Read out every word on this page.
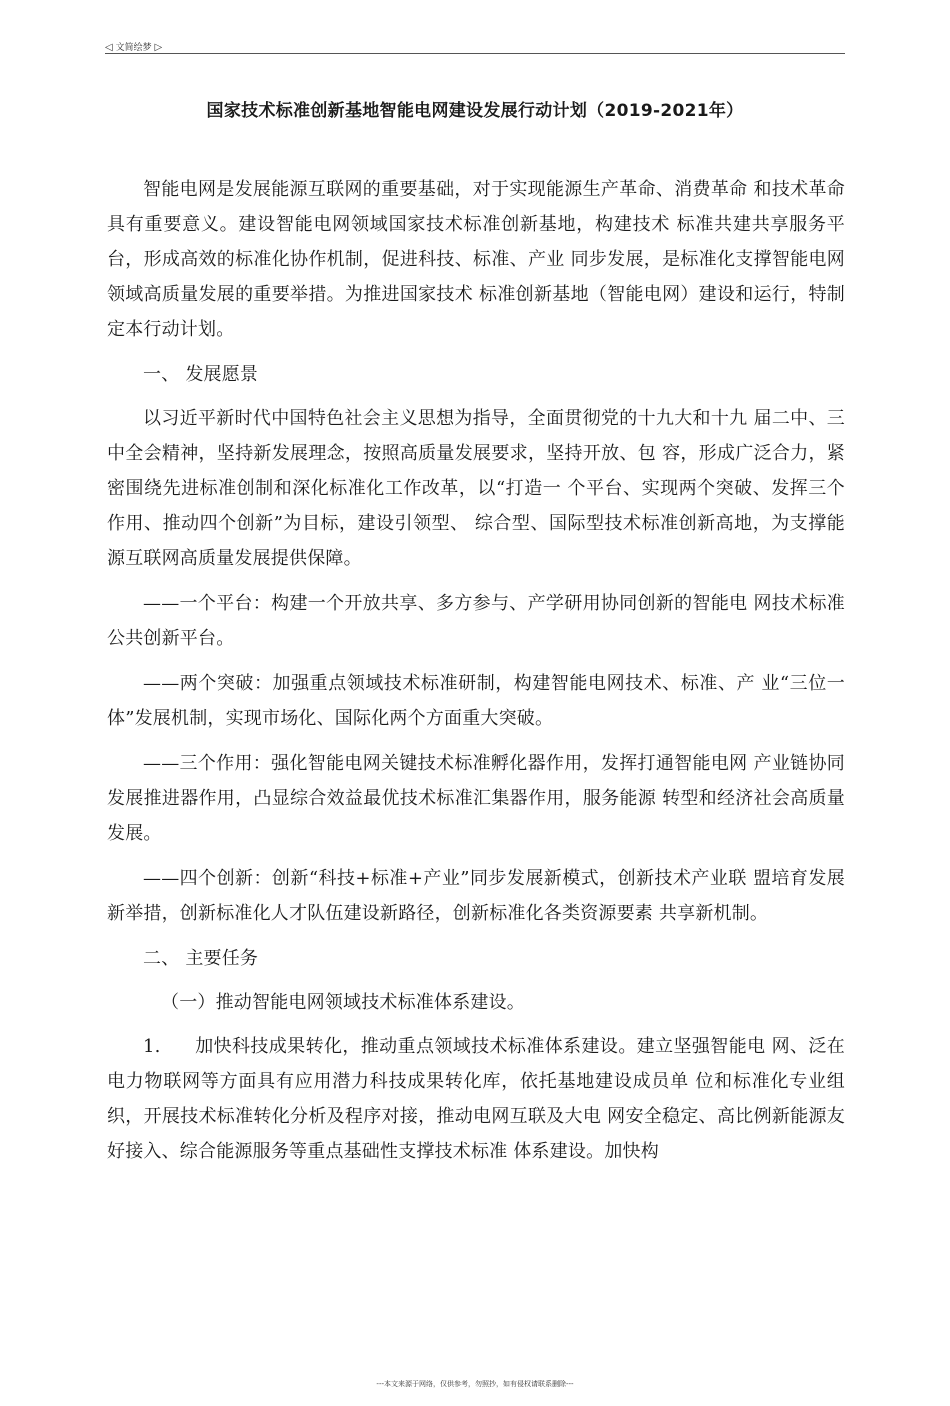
◁ 文简绘梦 ▷
国家技术标准创新基地智能电网建设发展行动计划（2019-2021年）

智能电网是发展能源互联网的重要基础，对于实现能源生产革命、消费革命 和技术革命具有重要意义。建设智能电网领域国家技术标准创新基地，构建技术 标准共建共享服务平台，形成高效的标准化协作机制，促进科技、标准、产业 同步发展，是标准化支撑智能电网领域高质量发展的重要举措。为推进国家技术 标准创新基地（智能电网）建设和运行，特制定本行动计划。

一、 发展愿景

以习近平新时代中国特色社会主义思想为指导，全面贯彻党的十九大和十九 届二中、三中全会精神，坚持新发展理念，按照高质量发展要求，坚持开放、包 容，形成广泛合力，紧密围绕先进标准创制和深化标准化工作改革，以“打造一 个平台、实现两个突破、发挥三个作用、推动四个创新”为目标，建设引领型、 综合型、国际型技术标准创新高地，为支撑能源互联网高质量发展提供保障。

——一个平台：构建一个开放共享、多方参与、产学研用协同创新的智能电 网技术标准公共创新平台。

——两个突破：加强重点领域技术标准研制，构建智能电网技术、标准、产 业“三位一体”发展机制，实现市场化、国际化两个方面重大突破。

——三个作用：强化智能电网关键技术标准孵化器作用，发挥打通智能电网 产业链协同发展推进器作用，凸显综合效益最优技术标准汇集器作用，服务能源 转型和经济社会高质量发展。

——四个创新：创新“科技+标准+产业”同步发展新模式，创新技术产业联 盟培育发展新举措，创新标准化人才队伍建设新路径，创新标准化各类资源要素 共享新机制。

二、 主要任务

（一）推动智能电网领域技术标准体系建设。

1. 加快科技成果转化，推动重点领域技术标准体系建设。建立坚强智能电 网、泛在电力物联网等方面具有应用潜力科技成果转化库，依托基地建设成员单 位和标准化专业组织，开展技术标准转化分析及程序对接，推动电网互联及大电 网安全稳定、高比例新能源友好接入、综合能源服务等重点基础性支撑技术标准 体系建设。加快构

---本文来源于网络，仅供参考，勿照抄，如有侵权请联系删除---
